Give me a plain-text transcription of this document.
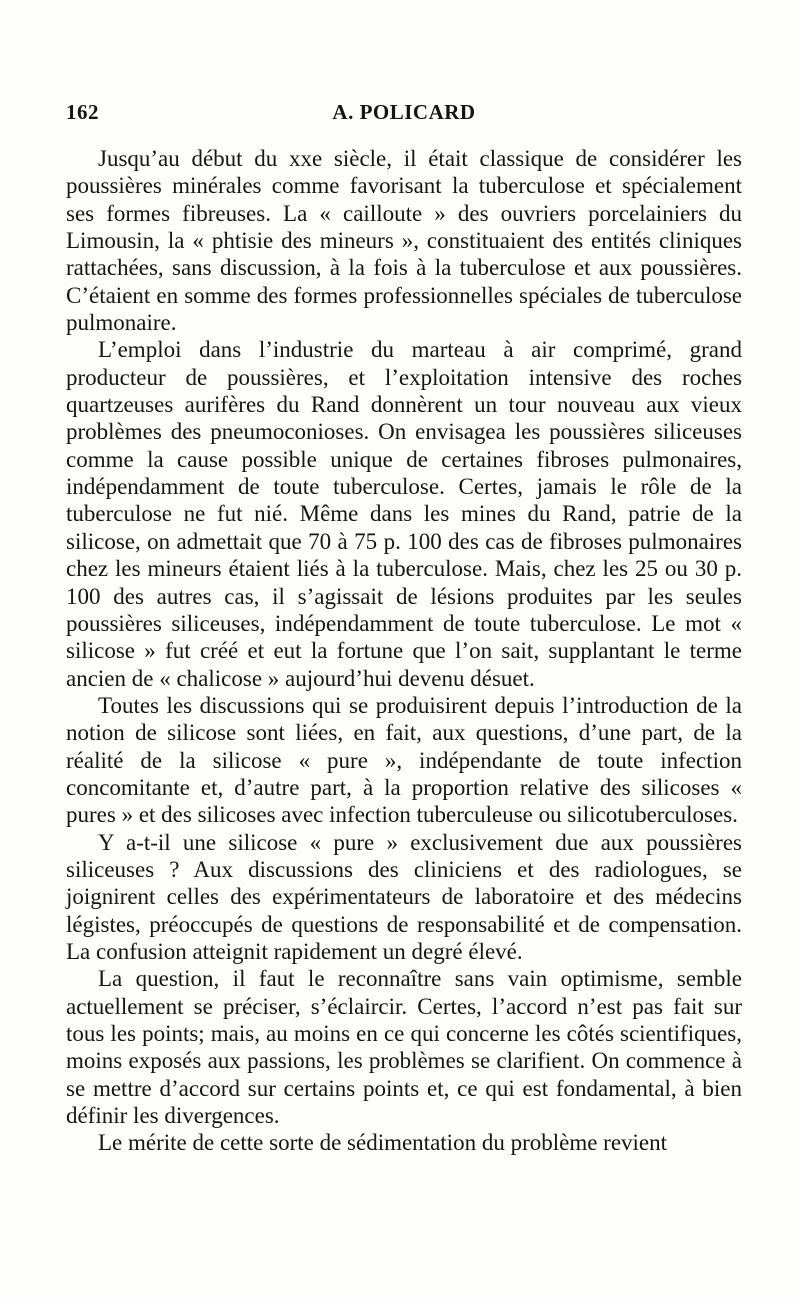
162	A. POLICARD

Jusqu’au début du xxe siècle, il était classique de considérer les poussières minérales comme favorisant la tuberculose et spécialement ses formes fibreuses. La « cailloute » des ouvriers porcelainiers du Limousin, la « phtisie des mineurs », constituaient des entités cliniques rattachées, sans discussion, à la fois à la tuberculose et aux poussières. C’étaient en somme des formes professionnelles spéciales de tuberculose pulmonaire.

L’emploi dans l’industrie du marteau à air comprimé, grand producteur de poussières, et l’exploitation intensive des roches quartzeuses aurifères du Rand donnèrent un tour nouveau aux vieux problèmes des pneumoconioses. On envisagea les poussières siliceuses comme la cause possible unique de certaines fibroses pulmonaires, indépendamment de toute tuberculose. Certes, jamais le rôle de la tuberculose ne fut nié. Même dans les mines du Rand, patrie de la silicose, on admettait que 70 à 75 p. 100 des cas de fibroses pulmonaires chez les mineurs étaient liés à la tuberculose. Mais, chez les 25 ou 30 p. 100 des autres cas, il s’agissait de lésions produites par les seules poussières siliceuses, indépendamment de toute tuberculose. Le mot « silicose » fut créé et eut la fortune que l’on sait, supplantant le terme ancien de « chalicose » aujourd’hui devenu désuet.

Toutes les discussions qui se produisirent depuis l’introduction de la notion de silicose sont liées, en fait, aux questions, d’une part, de la réalité de la silicose « pure », indépendante de toute infection concomitante et, d’autre part, à la proportion relative des silicoses « pures » et des silicoses avec infection tuberculeuse ou silicotuberculoses.

Y a-t-il une silicose « pure » exclusivement due aux poussières siliceuses ? Aux discussions des cliniciens et des radiologues, se joignirent celles des expérimentateurs de laboratoire et des médecins légistes, préoccupés de questions de responsabilité et de compensation. La confusion atteignit rapidement un degré élevé.

La question, il faut le reconnaître sans vain optimisme, semble actuellement se préciser, s’éclaircir. Certes, l’accord n’est pas fait sur tous les points; mais, au moins en ce qui concerne les côtés scientifiques, moins exposés aux passions, les problèmes se clarifient. On commence à se mettre d’accord sur certains points et, ce qui est fondamental, à bien définir les divergences.

Le mérite de cette sorte de sédimentation du problème revient
